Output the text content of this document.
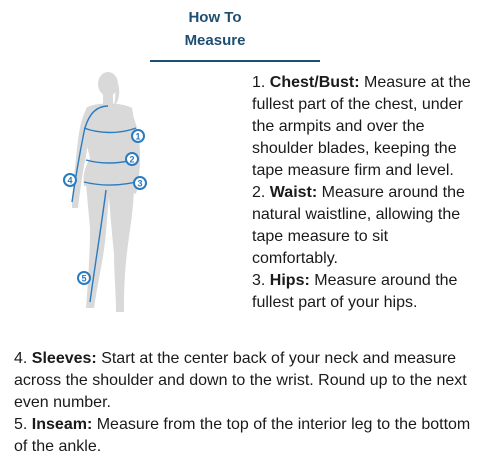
How To
Measure
1
2
3
4
5

1. Chest/Bust: Measure at the fullest part of the chest, under the armpits and over the shoulder blades, keeping the tape measure firm and level.

2. Waist: Measure around the natural waistline, allowing the tape measure to sit comfortably.

3. Hips: Measure around the fullest part of your hips.

4. Sleeves: Start at the center back of your neck and measure across the shoulder and down to the wrist. Round up to the next even number.

5. Inseam: Measure from the top of the interior leg to the bottom of the ankle.
